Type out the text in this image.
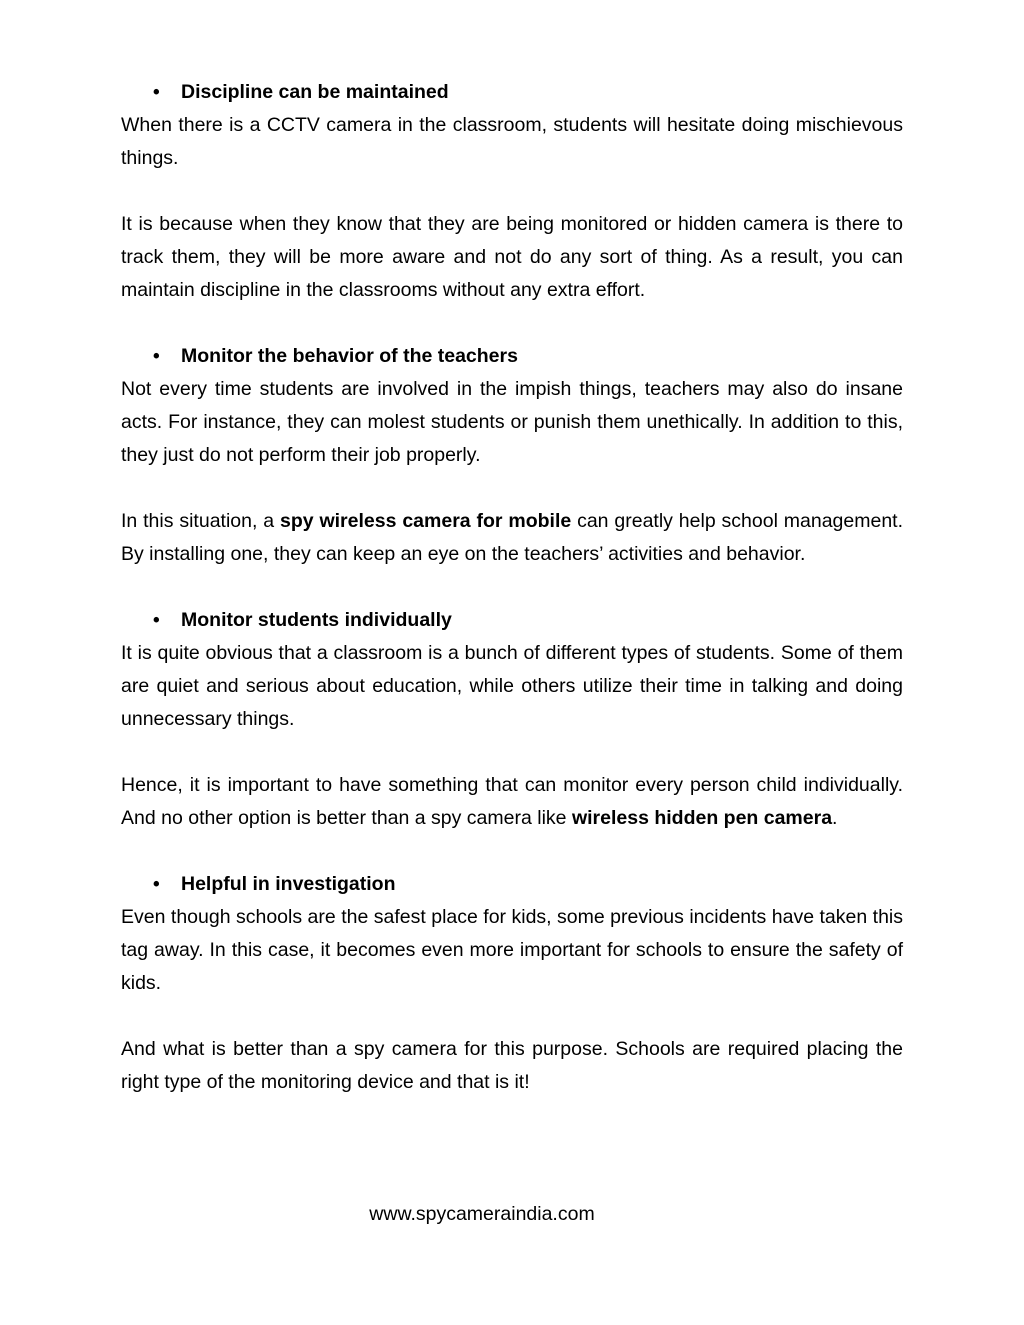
• Discipline can be maintained

When there is a CCTV camera in the classroom, students will hesitate doing mischievous things.

It is because when they know that they are being monitored or hidden camera is there to track them, they will be more aware and not do any sort of thing. As a result, you can maintain discipline in the classrooms without any extra effort.

• Monitor the behavior of the teachers

Not every time students are involved in the impish things, teachers may also do insane acts. For instance, they can molest students or punish them unethically. In addition to this, they just do not perform their job properly.

In this situation, a spy wireless camera for mobile can greatly help school management. By installing one, they can keep an eye on the teachers’ activities and behavior.

• Monitor students individually

It is quite obvious that a classroom is a bunch of different types of students. Some of them are quiet and serious about education, while others utilize their time in talking and doing unnecessary things.

Hence, it is important to have something that can monitor every person child individually. And no other option is better than a spy camera like wireless hidden pen camera.

• Helpful in investigation

Even though schools are the safest place for kids, some previous incidents have taken this tag away. In this case, it becomes even more important for schools to ensure the safety of kids.

And what is better than a spy camera for this purpose. Schools are required placing the right type of the monitoring device and that is it!

www.spycameraindia.com
